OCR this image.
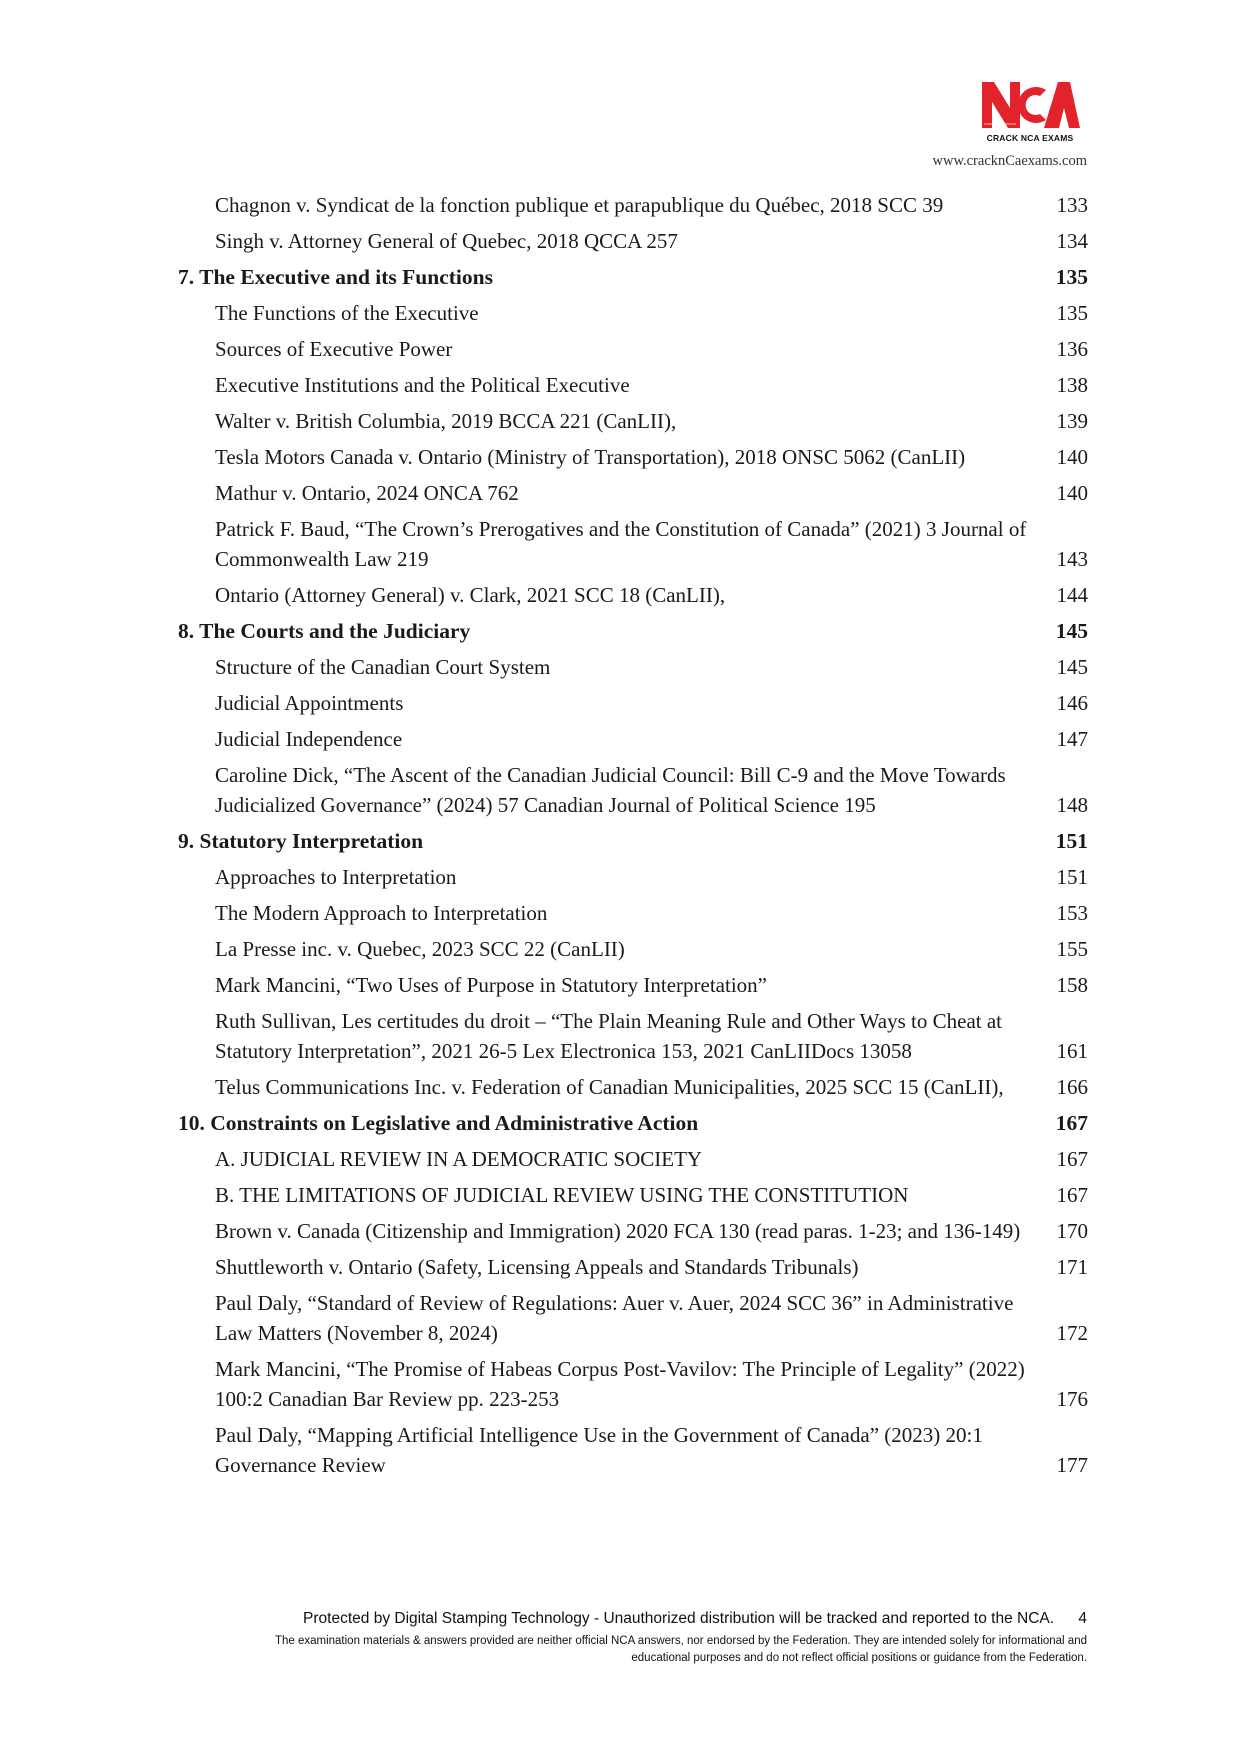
CRACK NCA EXAMS
www.cracknCaexams.com
Chagnon v. Syndicat de la fonction publique et parapublique du Québec, 2018 SCC 39	133
Singh v. Attorney General of Quebec, 2018 QCCA 257	134
7. The Executive and its Functions	135
The Functions of the Executive	135
Sources of Executive Power	136
Executive Institutions and the Political Executive	138
Walter v. British Columbia, 2019 BCCA 221 (CanLII),	139
Tesla Motors Canada v. Ontario (Ministry of Transportation), 2018 ONSC 5062 (CanLII)	140
Mathur v. Ontario, 2024 ONCA 762	140
Patrick F. Baud, “The Crown’s Prerogatives and the Constitution of Canada” (2021) 3 Journal of Commonwealth Law 219	143
Ontario (Attorney General) v. Clark, 2021 SCC 18 (CanLII),	144
8. The Courts and the Judiciary	145
Structure of the Canadian Court System	145
Judicial Appointments	146
Judicial Independence	147
Caroline Dick, “The Ascent of the Canadian Judicial Council: Bill C-9 and the Move Towards Judicialized Governance” (2024) 57 Canadian Journal of Political Science 195	148
9. Statutory Interpretation	151
Approaches to Interpretation	151
The Modern Approach to Interpretation	153
La Presse inc. v. Quebec, 2023 SCC 22 (CanLII)	155
Mark Mancini, “Two Uses of Purpose in Statutory Interpretation”	158
Ruth Sullivan, Les certitudes du droit – “The Plain Meaning Rule and Other Ways to Cheat at Statutory Interpretation”, 2021 26-5 Lex Electronica 153, 2021 CanLIIDocs 13058	161
Telus Communications Inc. v. Federation of Canadian Municipalities, 2025 SCC 15 (CanLII),	166
10. Constraints on Legislative and Administrative Action	167
A. JUDICIAL REVIEW IN A DEMOCRATIC SOCIETY	167
B. THE LIMITATIONS OF JUDICIAL REVIEW USING THE CONSTITUTION	167
Brown v. Canada (Citizenship and Immigration) 2020 FCA 130 (read paras. 1-23; and 136-149)	170
Shuttleworth v. Ontario (Safety, Licensing Appeals and Standards Tribunals)	171
Paul Daly, “Standard of Review of Regulations: Auer v. Auer, 2024 SCC 36” in Administrative Law Matters (November 8, 2024)	172
Mark Mancini, “The Promise of Habeas Corpus Post-Vavilov: The Principle of Legality” (2022) 100:2 Canadian Bar Review pp. 223-253	176
Paul Daly, “Mapping Artificial Intelligence Use in the Government of Canada” (2023) 20:1 Governance Review	177
Protected by Digital Stamping Technology - Unauthorized distribution will be tracked and reported to the NCA. 4
The examination materials & answers provided are neither official NCA answers, nor endorsed by the Federation. They are intended solely for informational and
educational purposes and do not reflect official positions or guidance from the Federation.
